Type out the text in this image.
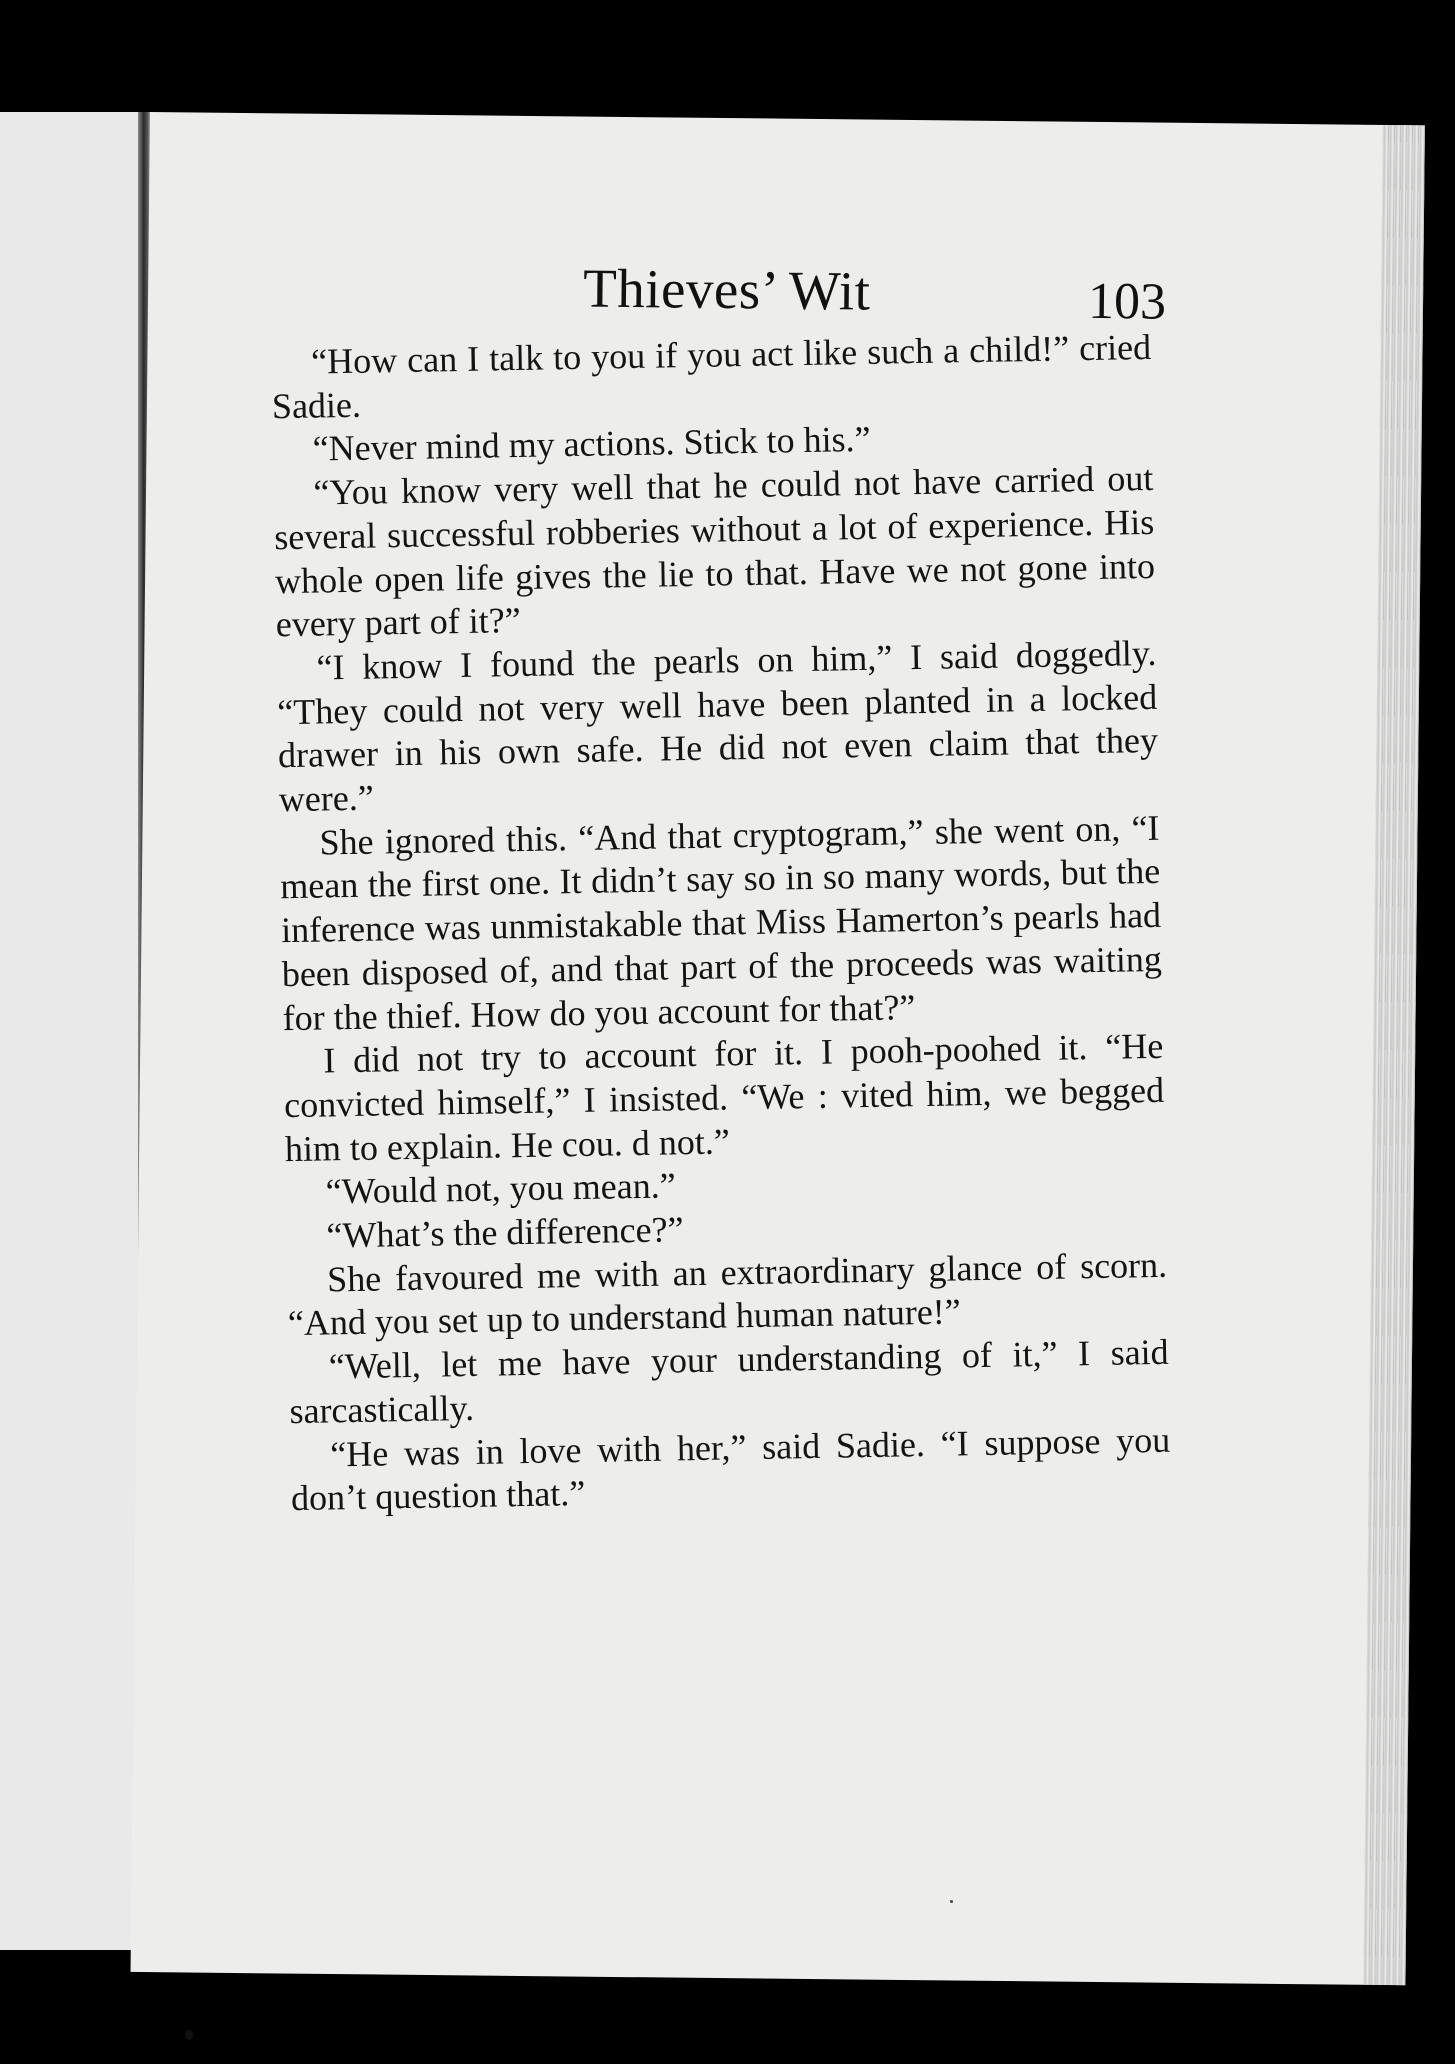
Thieves’ Wit	103

“How can I talk to you if you act like such a child!” cried Sadie.

“Never mind my actions. Stick to his.”

“You know very well that he could not have carried out several successful robberies without a lot of experience. His whole open life gives the lie to that. Have we not gone into every part of it?”

“I know I found the pearls on him,” I said doggedly. “They could not very well have been planted in a locked drawer in his own safe. He did not even claim that they were.”

She ignored this. “And that cryptogram,” she went on, “I mean the first one. It didn’t say so in so many words, but the inference was unmistakable that Miss Hamerton’s pearls had been disposed of, and that part of the proceeds was waiting for the thief. How do you account for that?”

I did not try to account for it. I pooh-poohed it. “He convicted himself,” I insisted. “We : vited him, we begged him to explain. He cou. d not.”

“Would not, you mean.”

“What’s the difference?”

She favoured me with an extraordinary glance of scorn. “And you set up to understand human nature!”

“Well, let me have your understanding of it,” I said sarcastically.

“He was in love with her,” said Sadie. “I suppose you don’t question that.”
